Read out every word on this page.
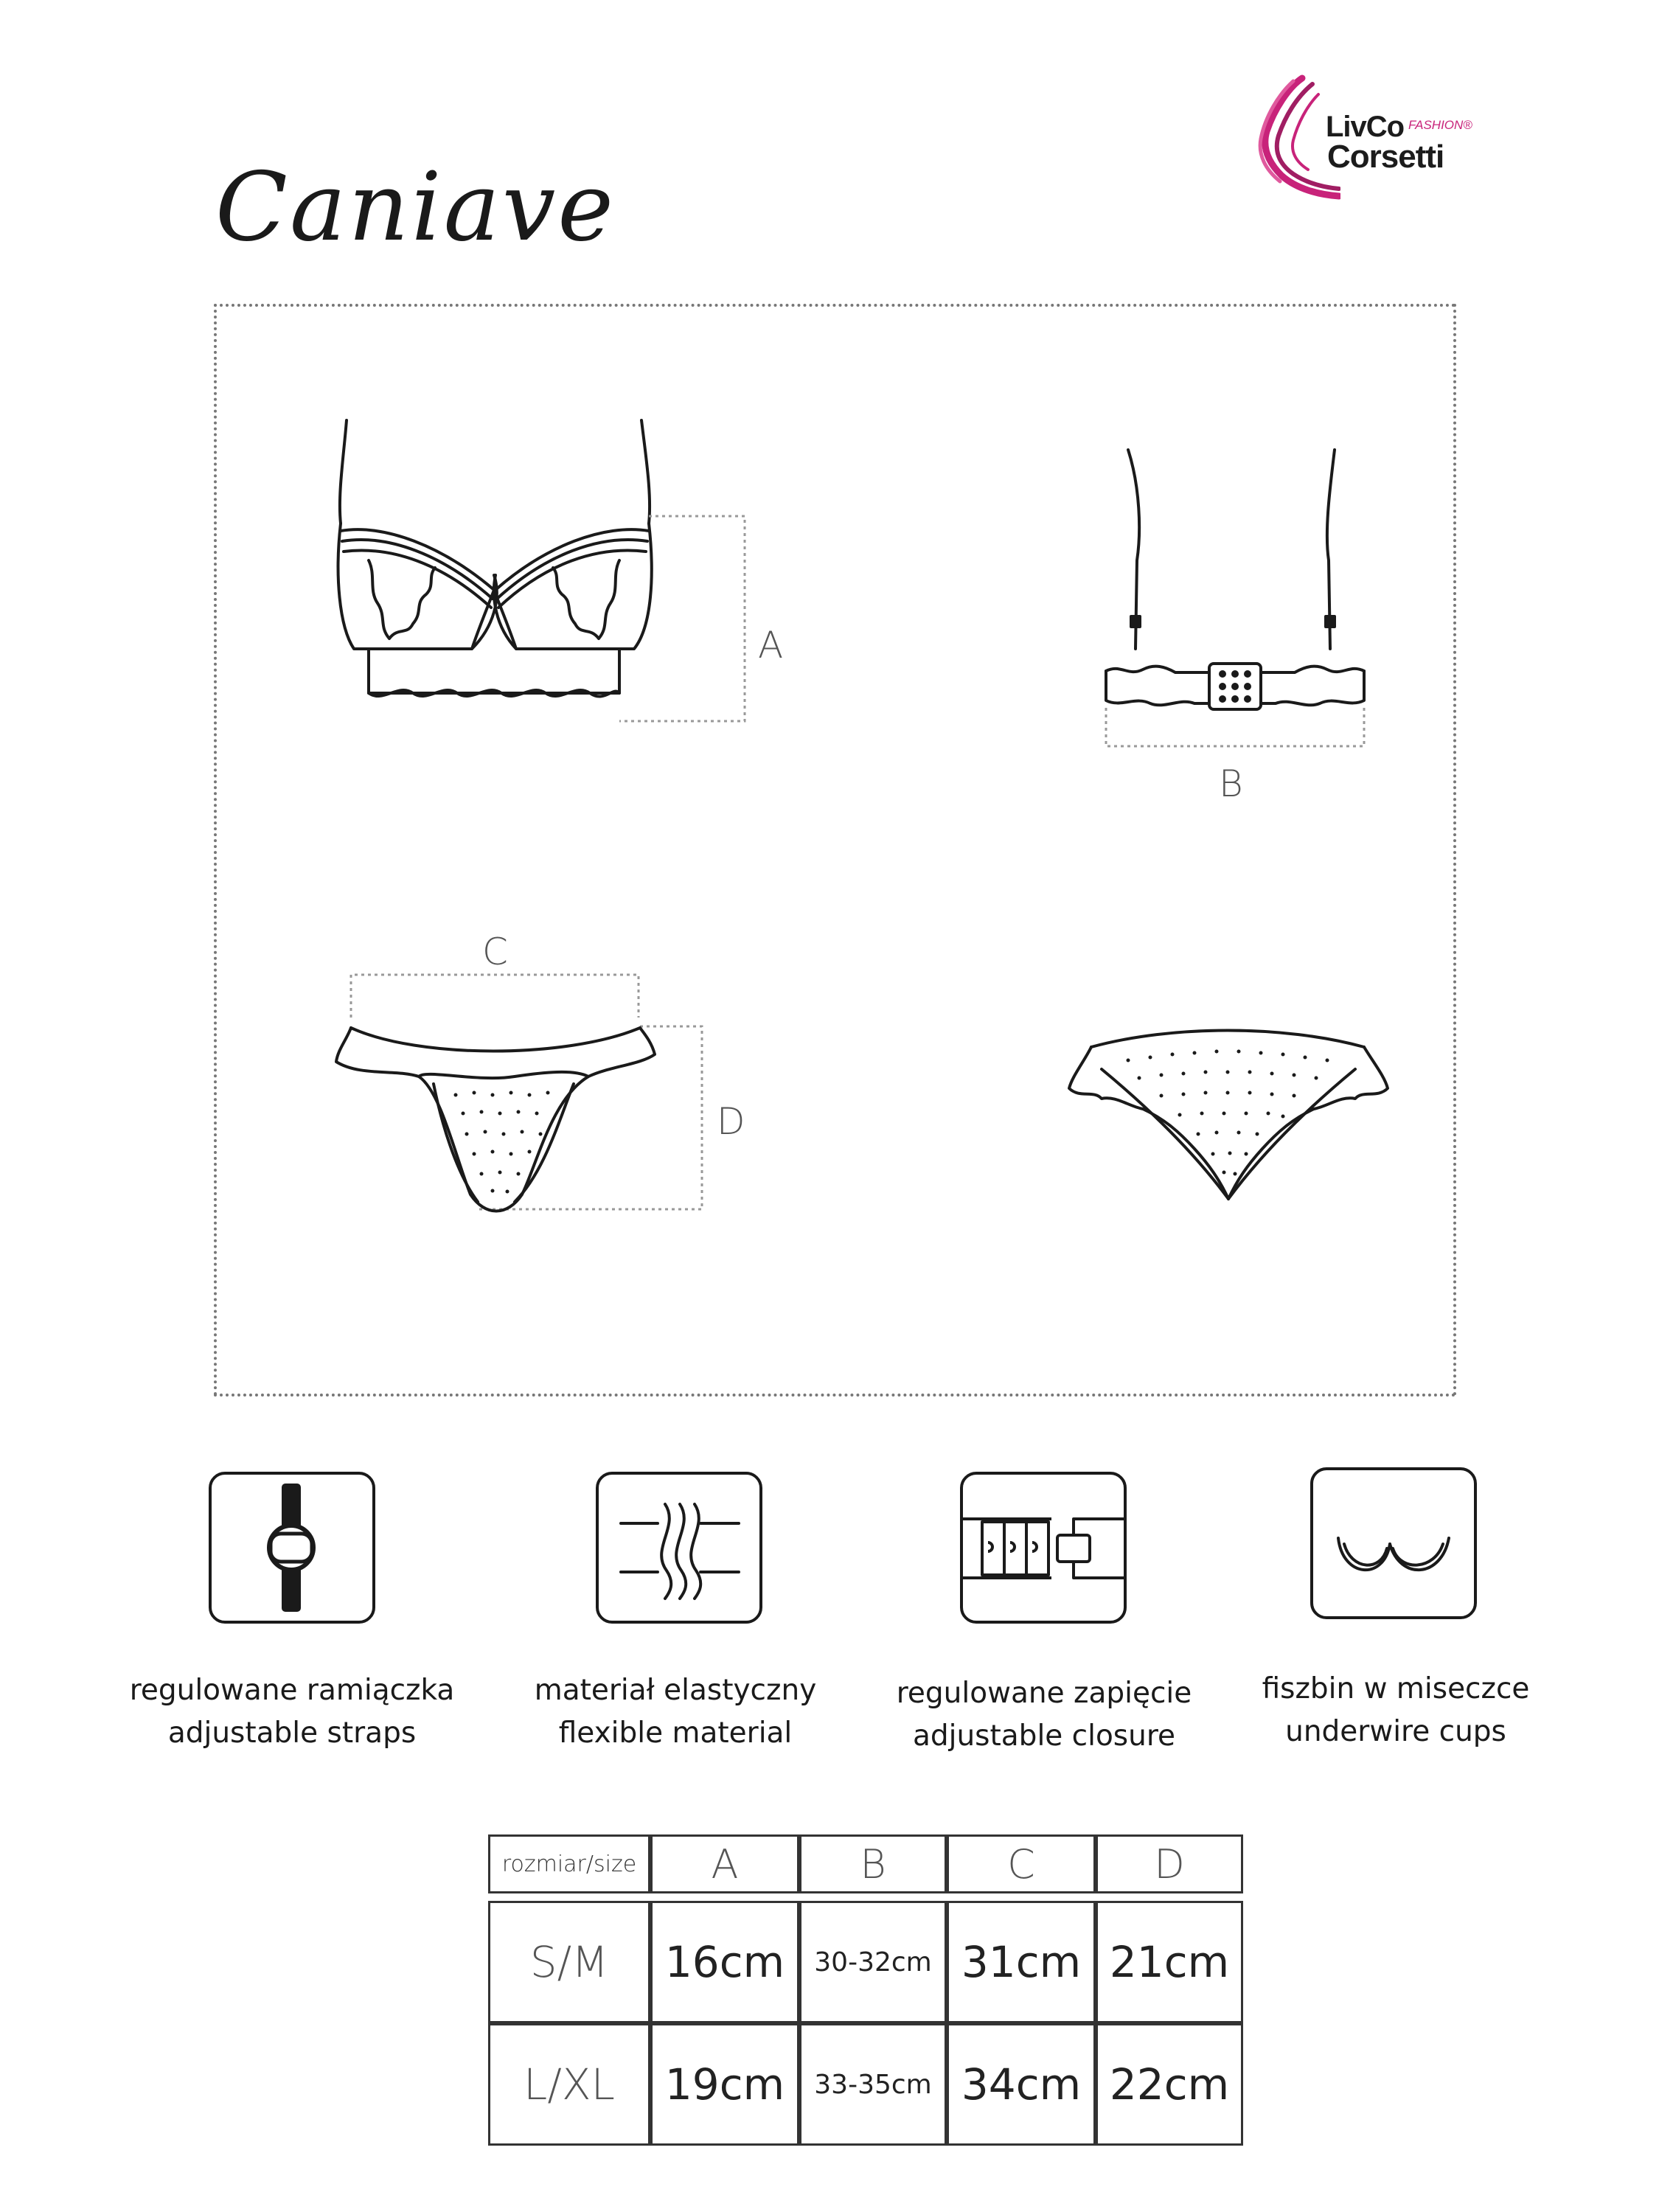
LivCo FASHION®
Corsetti
Caniave
A
B
C
D
regulowane ramiączka
adjustable straps
materiał elastyczny
flexible material
regulowane zapięcie
adjustable closure
fiszbin w miseczce
underwire cups
rozmiar/size	A	B	C	D

S/M	16cm	30-32cm	31cm	21cm
L/XL	19cm	33-35cm	34cm	22cm
